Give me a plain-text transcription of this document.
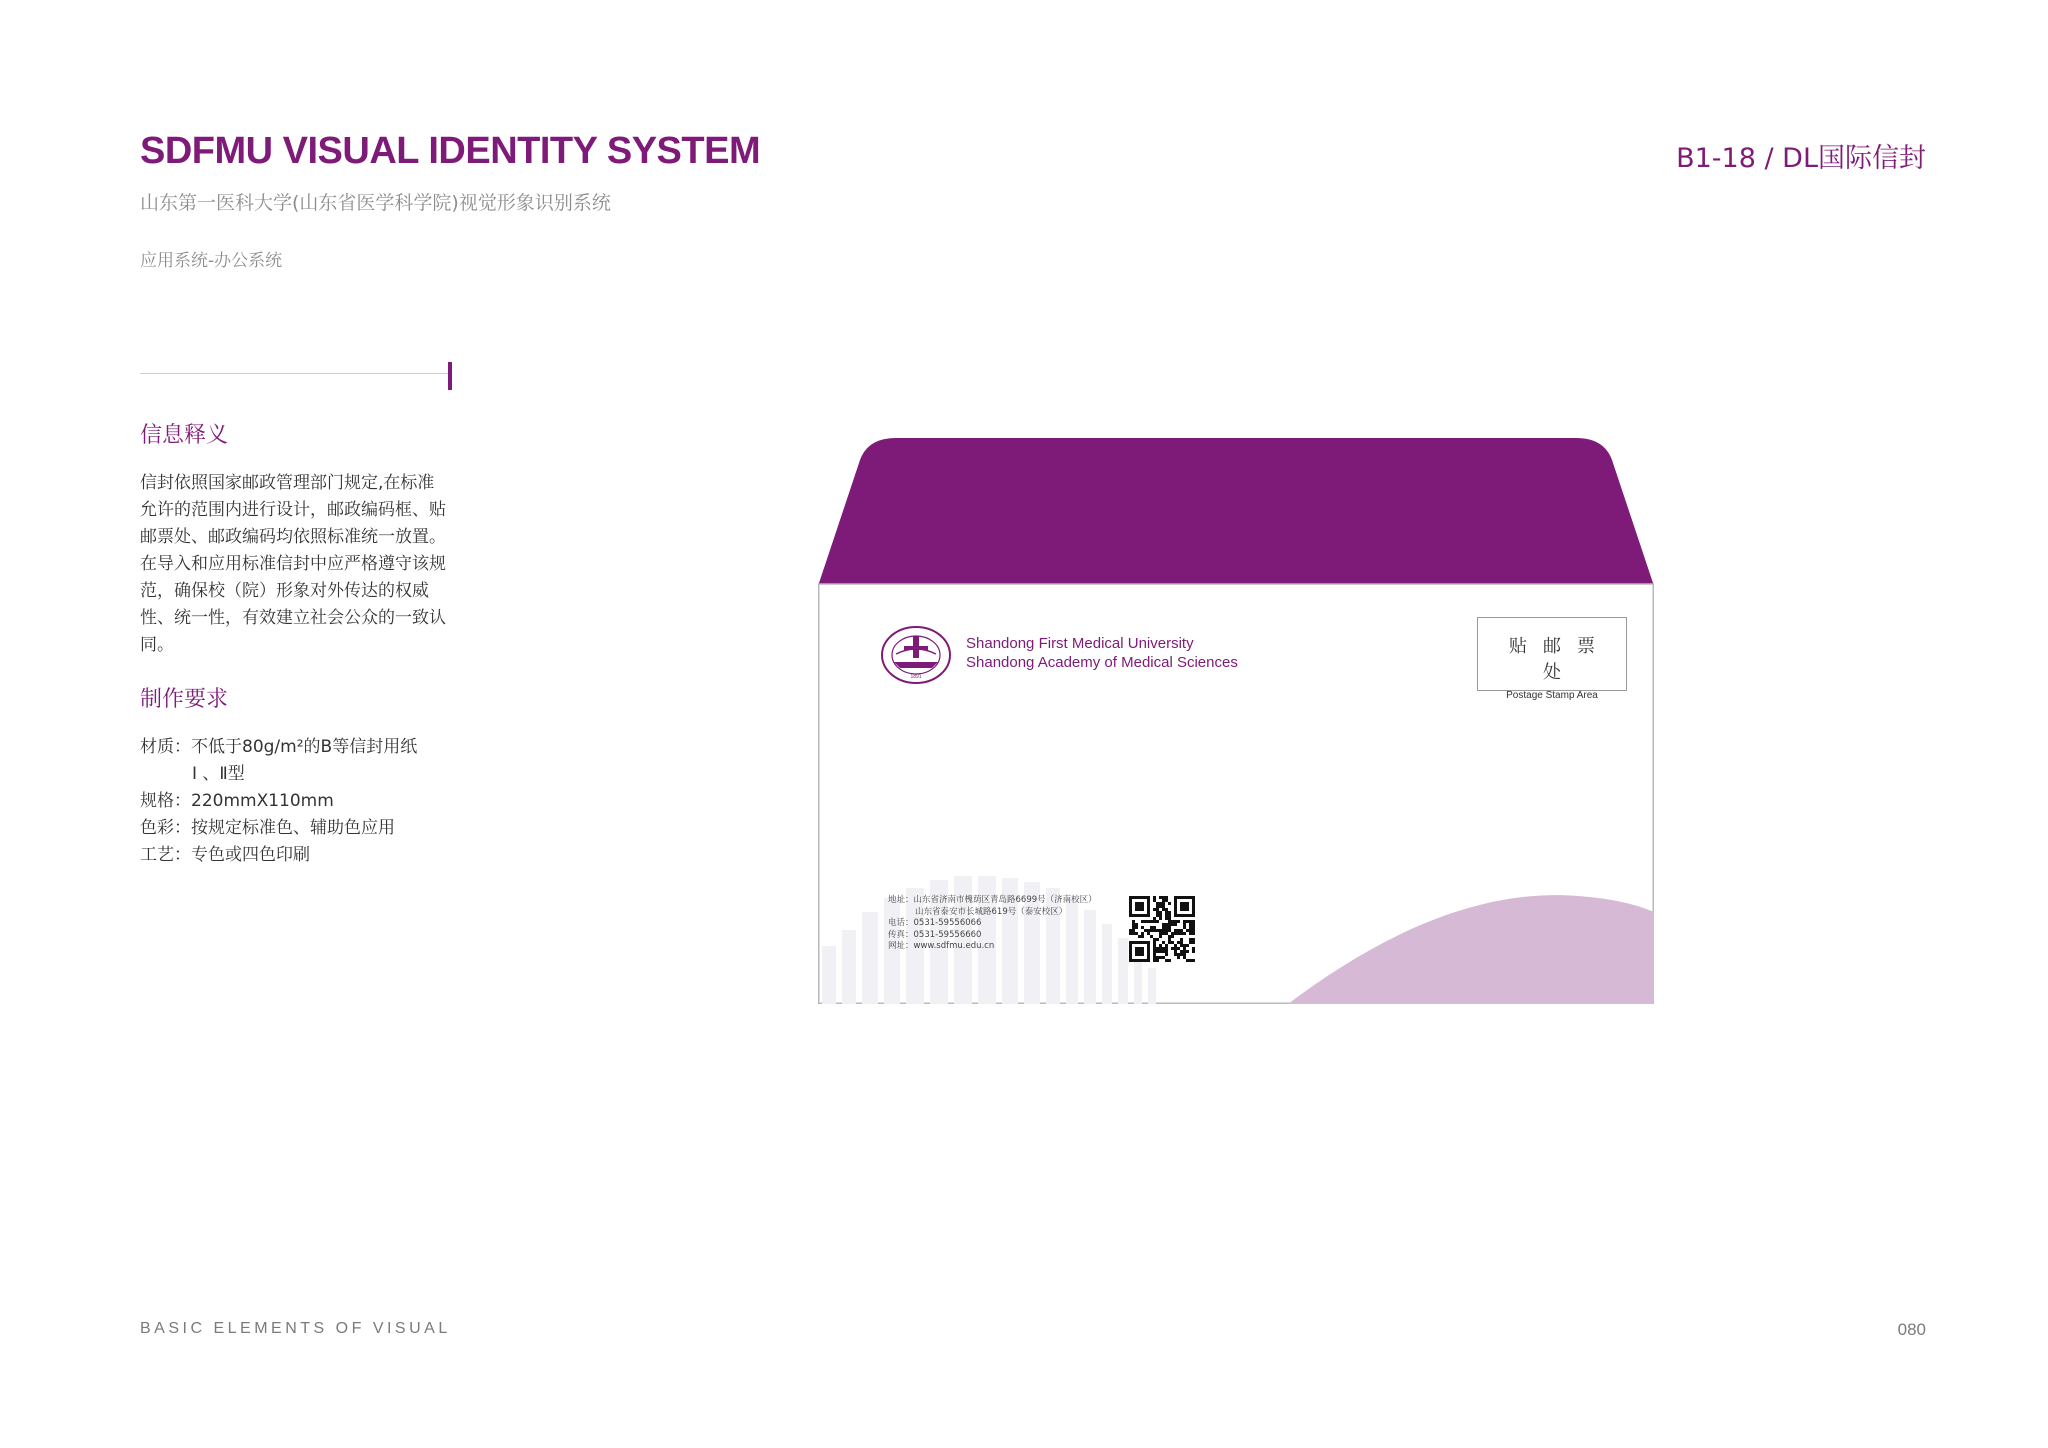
SDFMU VISUAL IDENTITY SYSTEM
山东第一医科大学(山东省医学科学院)视觉形象识别系统
应用系统-办公系统
B1-18 / DL国际信封
信息释义

信封依照国家邮政管理部门规定,在标准
允许的范围内进行设计，邮政编码框、贴
邮票处、邮政编码均依照标准统一放置。
在导入和应用标准信封中应严格遵守该规
范，确保校（院）形象对外传达的权威
性、统一性，有效建立社会公众的一致认
同。

制作要求
材质：不低于80g/m²的B等信封用纸
Ⅰ 、Ⅱ型
规格：220mmX110mm
色彩：按规定标准色、辅助色应用
工艺：专色或四色印刷
1891
Shandong First Medical University
Shandong Academy of Medical Sciences
贴邮票处
Postage Stamp Area
地址：山东省济南市槐荫区青岛路6699号（济南校区）
山东省泰安市长城路619号（泰安校区）
电话：0531-59556066
传真：0531-59556660
网址：www.sdfmu.edu.cn
BASIC ELEMENTS OF VISUAL	080
